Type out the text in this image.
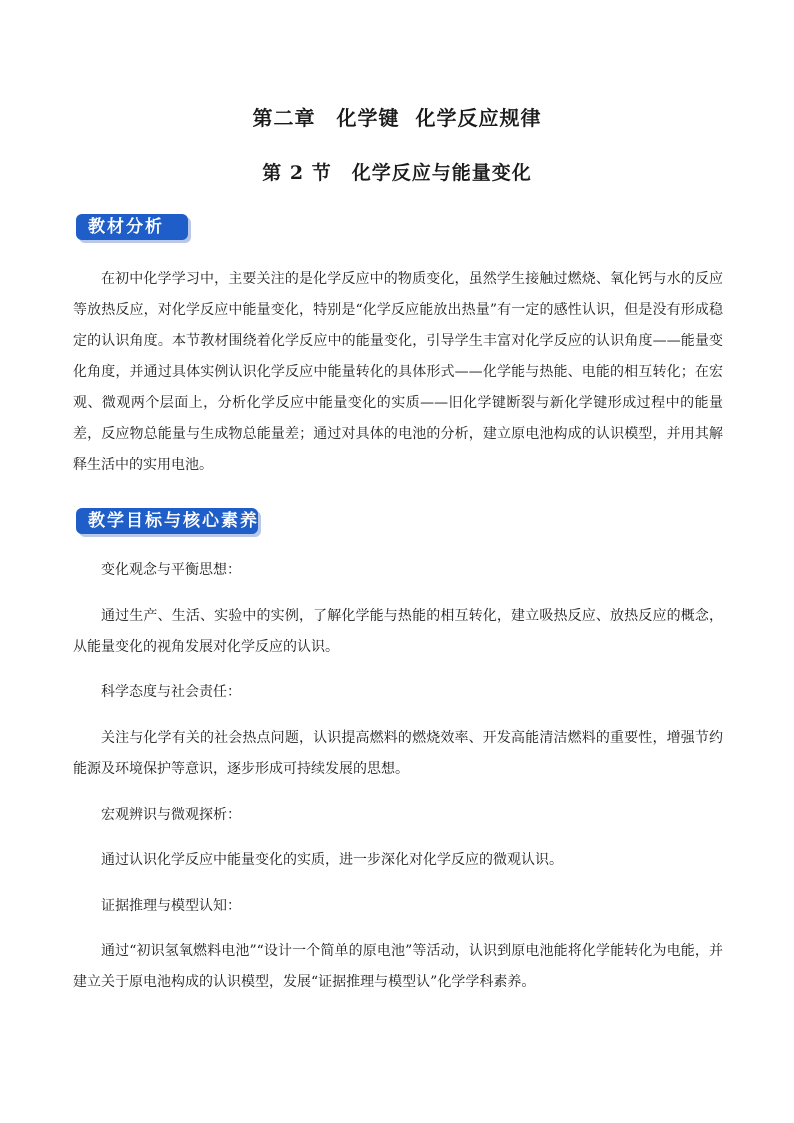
第二章　化学键  化学反应规律
第 2 节　化学反应与能量变化
教材分析
在初中化学学习中，主要关注的是化学反应中的物质变化，虽然学生接触过燃烧、氧化钙与水的反应等放热反应，对化学反应中能量变化，特别是“化学反应能放出热量”有一定的感性认识，但是没有形成稳定的认识角度。本节教材围绕着化学反应中的能量变化，引导学生丰富对化学反应的认识角度——能量变化角度，并通过具体实例认识化学反应中能量转化的具体形式——化学能与热能、电能的相互转化；在宏观、微观两个层面上，分析化学反应中能量变化的实质——旧化学键断裂与新化学键形成过程中的能量差，反应物总能量与生成物总能量差；通过对具体的电池的分析，建立原电池构成的认识模型，并用其解释生活中的实用电池。
教学目标与核心素养
变化观念与平衡思想：
通过生产、生活、实验中的实例，了解化学能与热能的相互转化，建立吸热反应、放热反应的概念，从能量变化的视角发展对化学反应的认识。
科学态度与社会责任：
关注与化学有关的社会热点问题，认识提高燃料的燃烧效率、开发高能清洁燃料的重要性，增强节约能源及环境保护等意识，逐步形成可持续发展的思想。
宏观辨识与微观探析：
通过认识化学反应中能量变化的实质，进一步深化对化学反应的微观认识。
证据推理与模型认知：
通过“初识氢氧燃料电池”“设计一个简单的原电池”等活动，认识到原电池能将化学能转化为电能，并建立关于原电池构成的认识模型，发展“证据推理与模型认”化学学科素养。
